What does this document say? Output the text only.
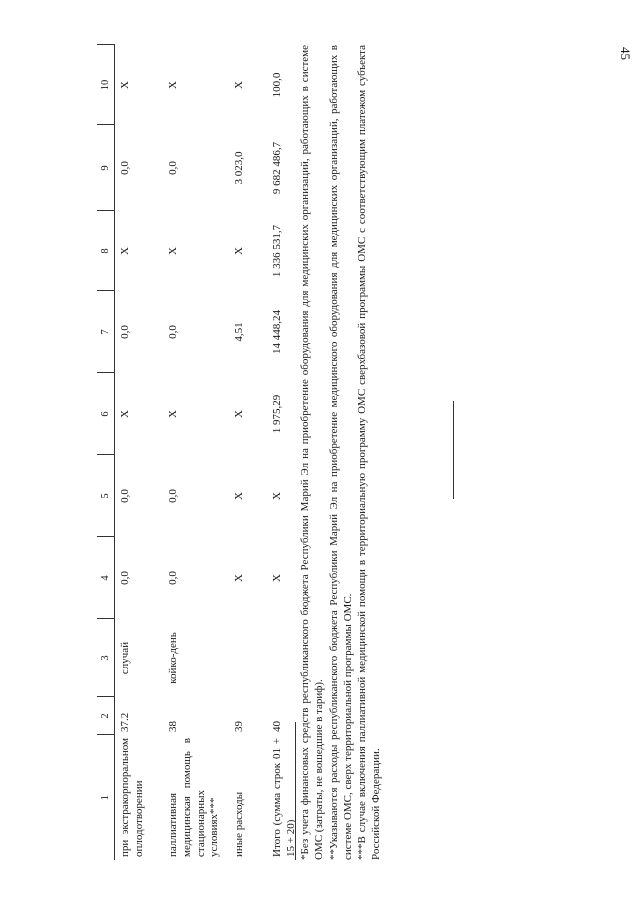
45
1	2	3	4	5	6	7	8	9	10
при экстракорпоральном оплодотворении	37.2	случай	0,0	0,0	Х	0,0	Х	0,0	Х
паллиативная медицинская помощь в стационарных условиях***	38	койко-день	0,0	0,0	Х	0,0	Х	0,0	Х
иные расходы	39		Х	Х	Х	4,51	Х	3 023,0	Х
Итого (сумма строк 01 + 15 + 20)	40		Х	Х	1 975,29	14 448,24	1 336 531,7	9 682 486,7	100,0 *Без учета финансовых средств республиканского бюджета Республики Марий Эл на приобретение оборудования для медицинских организаций, работающих в системе ОМС (затраты, не вошедшие в тариф). **Указываются расходы республиканского бюджета Республики Марий Эл на приобретение медицинского оборудования для медицинских организаций, работающих в системе ОМС, сверх территориальной программы ОМС. ***В случае включения паллиативной медицинской помощи в территориальную программу ОМС сверхбазовой программы ОМС с соответствующим платежом субъекта Российской Федерации.
